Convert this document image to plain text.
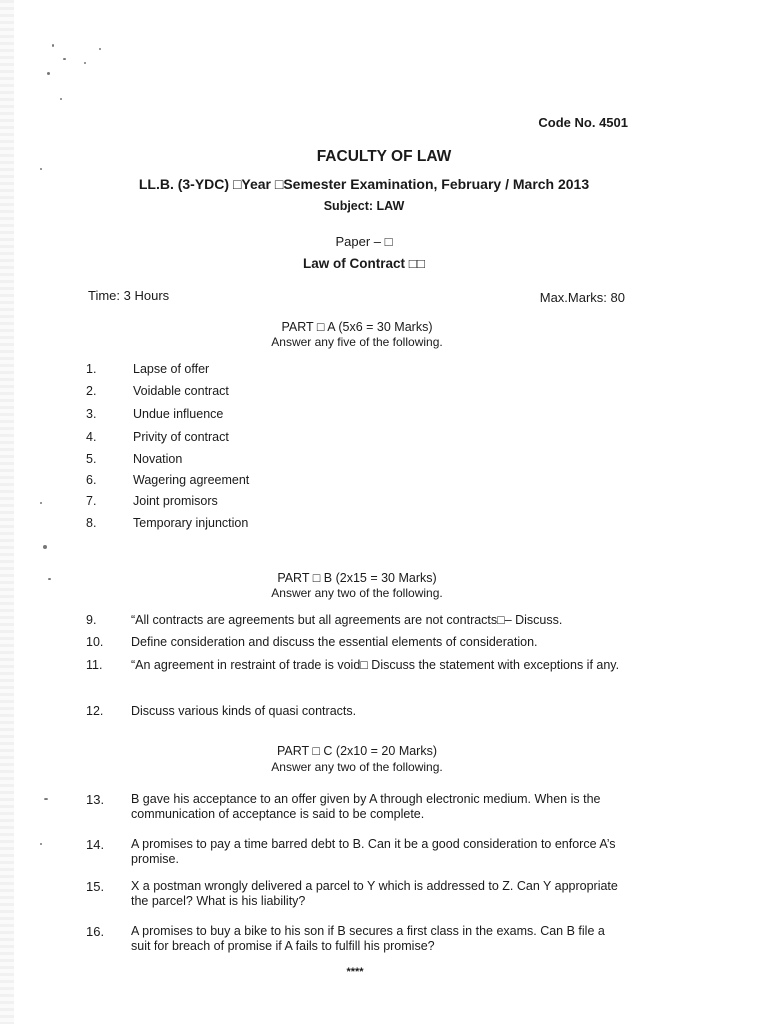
Code No. 4501
FACULTY OF LAW
LL.B. (3-YDC) □Year □Semester Examination, February / March 2013
Subject: LAW
Paper – □
Law of Contract □□
Time: 3 Hours	Max.Marks: 80
PART □ A (5x6 = 30 Marks)
Answer any five of the following.
1.	Lapse of offer
2.	Voidable contract
3.	Undue influence
4.	Privity of contract
5.	Novation
6.	Wagering agreement
7.	Joint promisors
8.	Temporary injunction
PART □ B (2x15 = 30 Marks)
Answer any two of the following.
9.	“All contracts are agreements but all agreements are not contracts□– Discuss.
10.	Define consideration and discuss the essential elements of consideration.
11.	“An agreement in restraint of trade is void□ Discuss the statement with exceptions if any.
12.	Discuss various kinds of quasi contracts.
PART □ C (2x10 = 20 Marks)
Answer any two of the following.
13.	B gave his acceptance to an offer given by A through electronic medium. When is the communication of acceptance is said to be complete.
14.	A promises to pay a time barred debt to B. Can it be a good consideration to enforce A’s promise.
15.	X a postman wrongly delivered a parcel to Y which is addressed to Z. Can Y appropriate the parcel? What is his liability?
16.	A promises to buy a bike to his son if B secures a first class in the exams. Can B file a suit for breach of promise if A fails to fulfill his promise?
****
